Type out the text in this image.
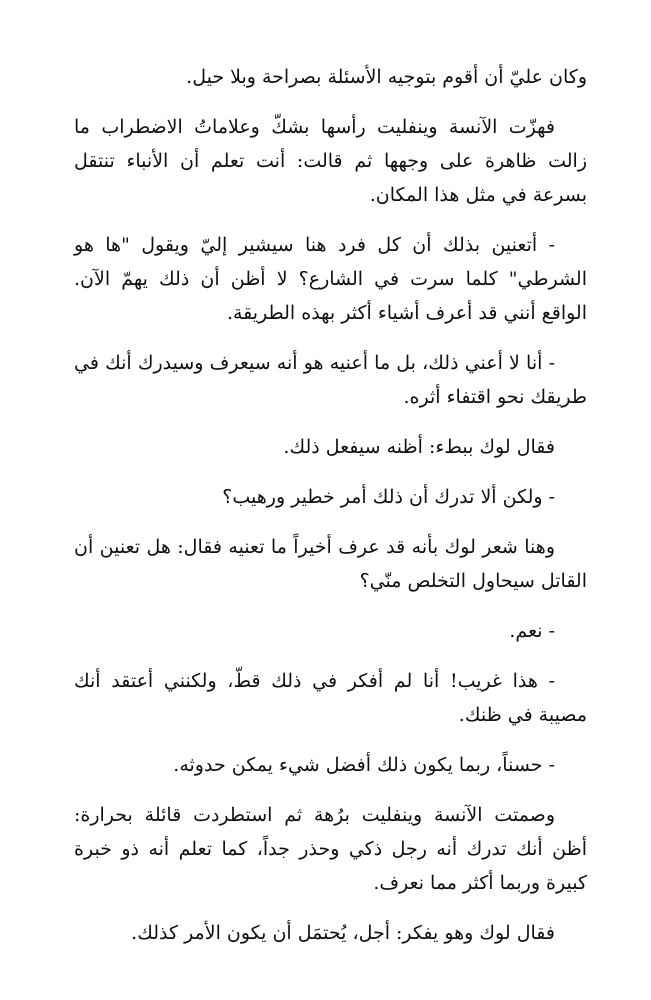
وكان عليّ أن أقوم بتوجيه الأسئلة بصراحة وبلا حيل.

فهزّت الآنسة وينفليت رأسها بشكّ وعلاماتُ الاضطراب ما زالت ظاهرة على وجهها ثم قالت: أنت تعلم أن الأنباء تنتقل بسرعة في مثل هذا المكان.

- أتعنين بذلك أن كل فرد هنا سيشير إليّ ويقول "ها هو الشرطي" كلما سرت في الشارع؟ لا أظن أن ذلك يهمّ الآن. الواقع أنني قد أعرف أشياء أكثر بهذه الطريقة.

- أنا لا أعني ذلك، بل ما أعنيه هو أنه سيعرف وسيدرك أنك في طريقك نحو اقتفاء أثره.

فقال لوك ببطء: أظنه سيفعل ذلك.

- ولكن ألا تدرك أن ذلك أمر خطير ورهيب؟

وهنا شعر لوك بأنه قد عرف أخيراً ما تعنيه فقال: هل تعنين أن القاتل سيحاول التخلص منّي؟

- نعم.

- هذا غريب! أنا لم أفكر في ذلك قطّ، ولكنني أعتقد أنك مصيبة في ظنك.

- حسناً، ربما يكون ذلك أفضل شيء يمكن حدوثه.

وصمتت الآنسة وينفليت برُهة ثم استطردت قائلة بحرارة: أظن أنك تدرك أنه رجل ذكي وحذر جداً، كما تعلم أنه ذو خبرة كبيرة وربما أكثر مما نعرف.

فقال لوك وهو يفكر: أجل، يُحتمَل أن يكون الأمر كذلك.
